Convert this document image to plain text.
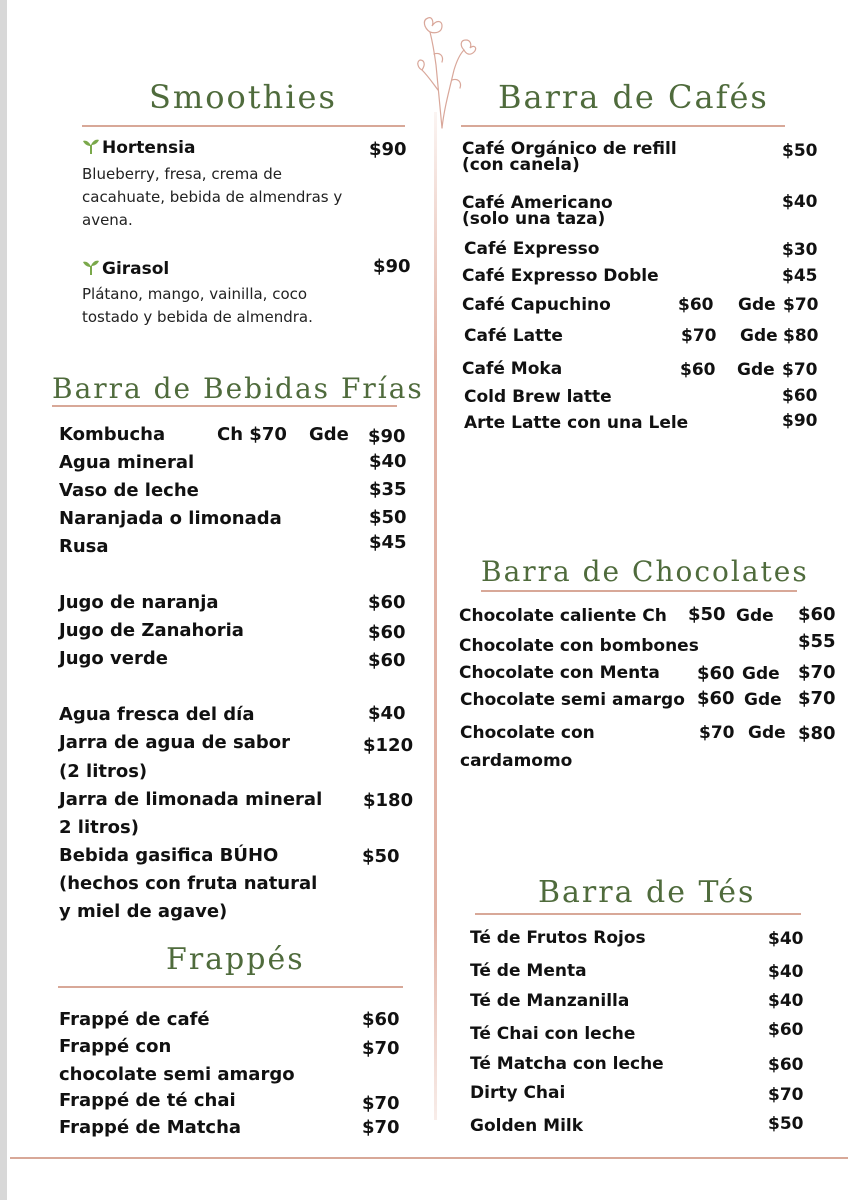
Smoothies
Hortensia	$90
Blueberry, fresa, crema de
cacahuate, bebida de almendras y
avena.
Girasol	$90
Plátano, mango, vainilla, coco
tostado y bebida de almendra.
Barra de Bebidas Frías
Kombucha	Ch $70 Gde $90
Agua mineral	$40
Vaso de leche	$35
Naranjada o limonada	$50
Rusa	$45
Jugo de naranja	$60
Jugo de Zanahoria	$60
Jugo verde	$60
Agua fresca del día	$40
Jarra de agua de sabor
(2 litros)
$120
Jarra de limonada mineral
2 litros)
$180
Bebida gasifica BÚHO
(hechos con fruta natural
y miel de agave)
$50
Frappés
Frappé de café	$60
Frappé con
chocolate semi amargo
$70
Frappé de té chai	$70
Frappé de Matcha	$70
Barra de Cafés
Café Orgánico de refill
(con canela)
$50
Café Americano
(solo una taza)
$40
Café Expresso	$30
Café Expresso Doble	$45
Café Capuchino	$60 Gde $70
Café Latte	$70 Gde $80
Café Moka	$60 Gde $70
Cold Brew latte	$60
Arte Latte con una Lele	$90
Barra de Chocolates
Chocolate caliente Ch $50 Gde $60
Chocolate con bombones	$55
Chocolate con Menta $60 Gde $70
Chocolate semi amargo $60 Gde $70
Chocolate con
cardamomo
$70 Gde $80
Barra de Tés
Té de Frutos Rojos	$40
Té de Menta	$40
Té de Manzanilla	$40
Té Chai con leche	$60
Té Matcha con leche	$60
Dirty Chai	$70
Golden Milk	$50
